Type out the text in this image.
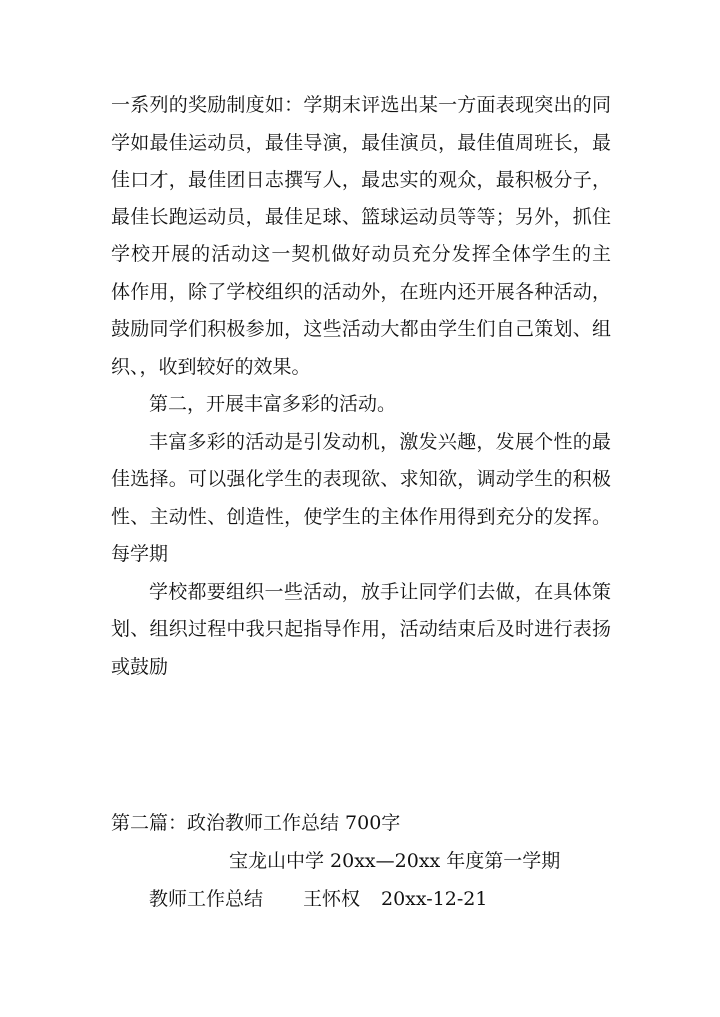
一系列的奖励制度如：学期末评选出某一方面表现突出的同
学如最佳运动员，最佳导演，最佳演员，最佳值周班长，最
佳口才，最佳团日志撰写人，最忠实的观众，最积极分子，
最佳长跑运动员，最佳足球、篮球运动员等等；另外，抓住
学校开展的活动这一契机做好动员充分发挥全体学生的主
体作用，除了学校组织的活动外，在班内还开展各种活动，
鼓励同学们积极参加，这些活动大都由学生们自己策划、组
织、，收到较好的效果。
第二，开展丰富多彩的活动。
丰富多彩的活动是引发动机，激发兴趣，发展个性的最
佳选择。可以强化学生的表现欲、求知欲，调动学生的积极
性、主动性、创造性，使学生的主体作用得到充分的发挥。
每学期
学校都要组织一些活动，放手让同学们去做，在具体策
划、组织过程中我只起指导作用，活动结束后及时进行表扬
或鼓励
第二篇：政治教师工作总结 700字
宝龙山中学 20xx—20xx 年度第一学期
教师工作总结 王怀权 20xx-12-21
